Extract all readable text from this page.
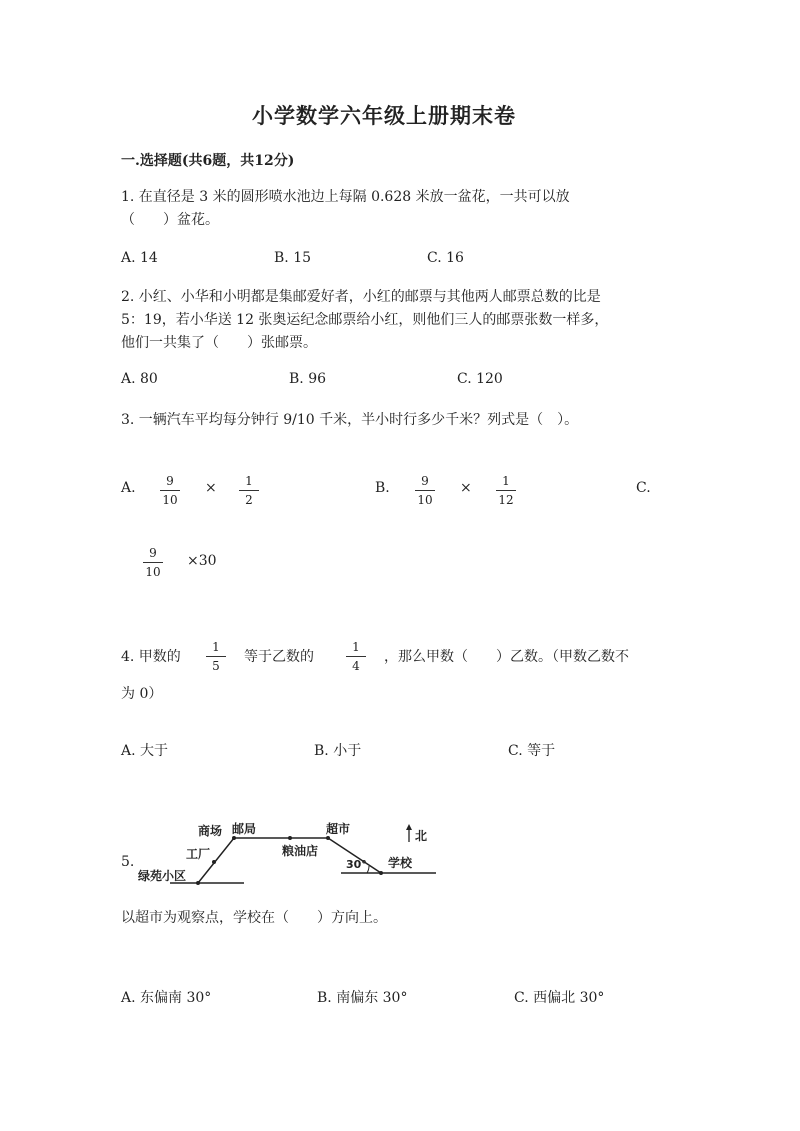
小学数学六年级上册期末卷
一.选择题(共6题，共12分)
1. 在直径是 3 米的圆形喷水池边上每隔 0.628 米放一盆花，一共可以放
（　　）盆花。
A. 14	B. 15	C. 16
2. 小红、小华和小明都是集邮爱好者，小红的邮票与其他两人邮票总数的比是
5：19，若小华送 12 张奥运纪念邮票给小红，则他们三人的邮票张数一样多，
他们一共集了（　　）张邮票。
A. 80	B. 96	C. 120
3. 一辆汽车平均每分钟行 9/10 千米，半小时行多少千米？列式是（　）。
A.	9
10
×	1
2
B.	9
10
×	1
12
C.
9
10
×30
4. 甲数的
1
5
等于乙数的
1
4
，那么甲数（　　）乙数。（甲数乙数不
为 0）
A. 大于	B. 小于	C. 等于
5.
商场 邮局	超市	北
工厂	粮油店
30° 学校
绿苑小区
以超市为观察点，学校在（　　）方向上。
A. 东偏南 30°	B. 南偏东 30°	C. 西偏北 30°
